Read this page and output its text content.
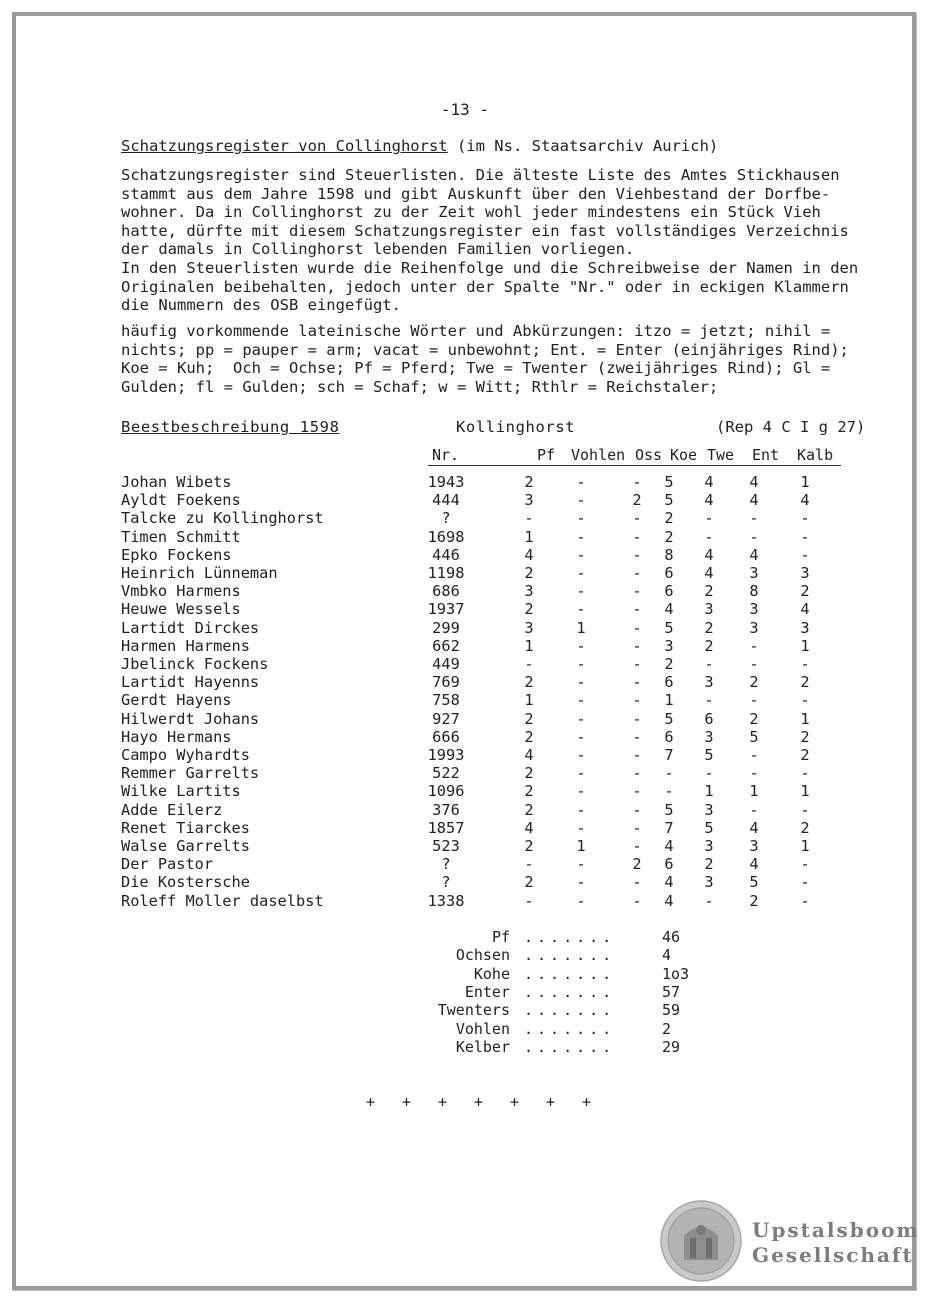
-13 -
Schatzungsregister von Collinghorst (im Ns. Staatsarchiv Aurich)
Schatzungsregister sind Steuerlisten. Die älteste Liste des Amtes Stickhausen
stammt aus dem Jahre 1598 und gibt Auskunft über den Viehbestand der Dorfbe-
wohner. Da in Collinghorst zu der Zeit wohl jeder mindestens ein Stück Vieh
hatte, dürfte mit diesem Schatzungsregister ein fast vollständiges Verzeichnis
der damals in Collinghorst lebenden Familien vorliegen.
In den Steuerlisten wurde die Reihenfolge und die Schreibweise der Namen in den
Originalen beibehalten, jedoch unter der Spalte "Nr." oder in eckigen Klammern
die Nummern des OSB eingefügt.
häufig vorkommende lateinische Wörter und Abkürzungen: itzo = jetzt; nihil =
nichts; pp = pauper = arm; vacat = unbewohnt; Ent. = Enter (einjähriges Rind);
Koe = Kuh;  Och = Ochse; Pf = Pferd; Twe = Twenter (zweijähriges Rind); Gl =
Gulden; fl = Gulden; sch = Schaf; w = Witt; Rthlr = Reichstaler;
Beestbeschreibung 1598	Kollinghorst	(Rep 4 C I g 27)
Nr.	Pf Vohlen Oss Koe Twe Ent Kalb
Johan Wibets	1943	2	-	-	5	4	4	1
Ayldt Foekens	444	3	-	2	5	4	4	4
Talcke zu Kollinghorst	?	-	-	-	2	-	-	-
Timen Schmitt	1698	1	-	-	2	-	-	-
Epko Fockens	446	4	-	-	8	4	4	-
Heinrich Lünneman	1198	2	-	-	6	4	3	3
Vmbko Harmens	686	3	-	-	6	2	8	2
Heuwe Wessels	1937	2	-	-	4	3	3	4
Lartidt Dirckes	299	3	1	-	5	2	3	3
Harmen Harmens	662	1	-	-	3	2	-	1
Jbelinck Fockens	449	-	-	-	2	-	-	-
Lartidt Hayenns	769	2	-	-	6	3	2	2
Gerdt Hayens	758	1	-	-	1	-	-	-
Hilwerdt Johans	927	2	-	-	5	6	2	1
Hayo Hermans	666	2	-	-	6	3	5	2
Campo Wyhardts	1993	4	-	-	7	5	-	2
Remmer Garrelts	522	2	-	-	-	-	-	-
Wilke Lartits	1096	2	-	-	-	1	1	1
Adde Eilerz	376	2	-	-	5	3	-	-
Renet Tiarckes	1857	4	-	-	7	5	4	2
Walse Garrelts	523	2	1	-	4	3	3	1
Der Pastor	?	-	-	2	6	2	4	-
Die Kostersche	?	2	-	-	4	3	5	-
Roleff Moller daselbst	1338	-	-	-	4	-	2	-
Pf .......	46
Ochsen .......	4
Kohe .......	1o3
Enter .......	57
Twenters .......	59
Vohlen .......	2
Kelber .......	29
+ + + + + + +
Upstalsboom
Gesellschaft
